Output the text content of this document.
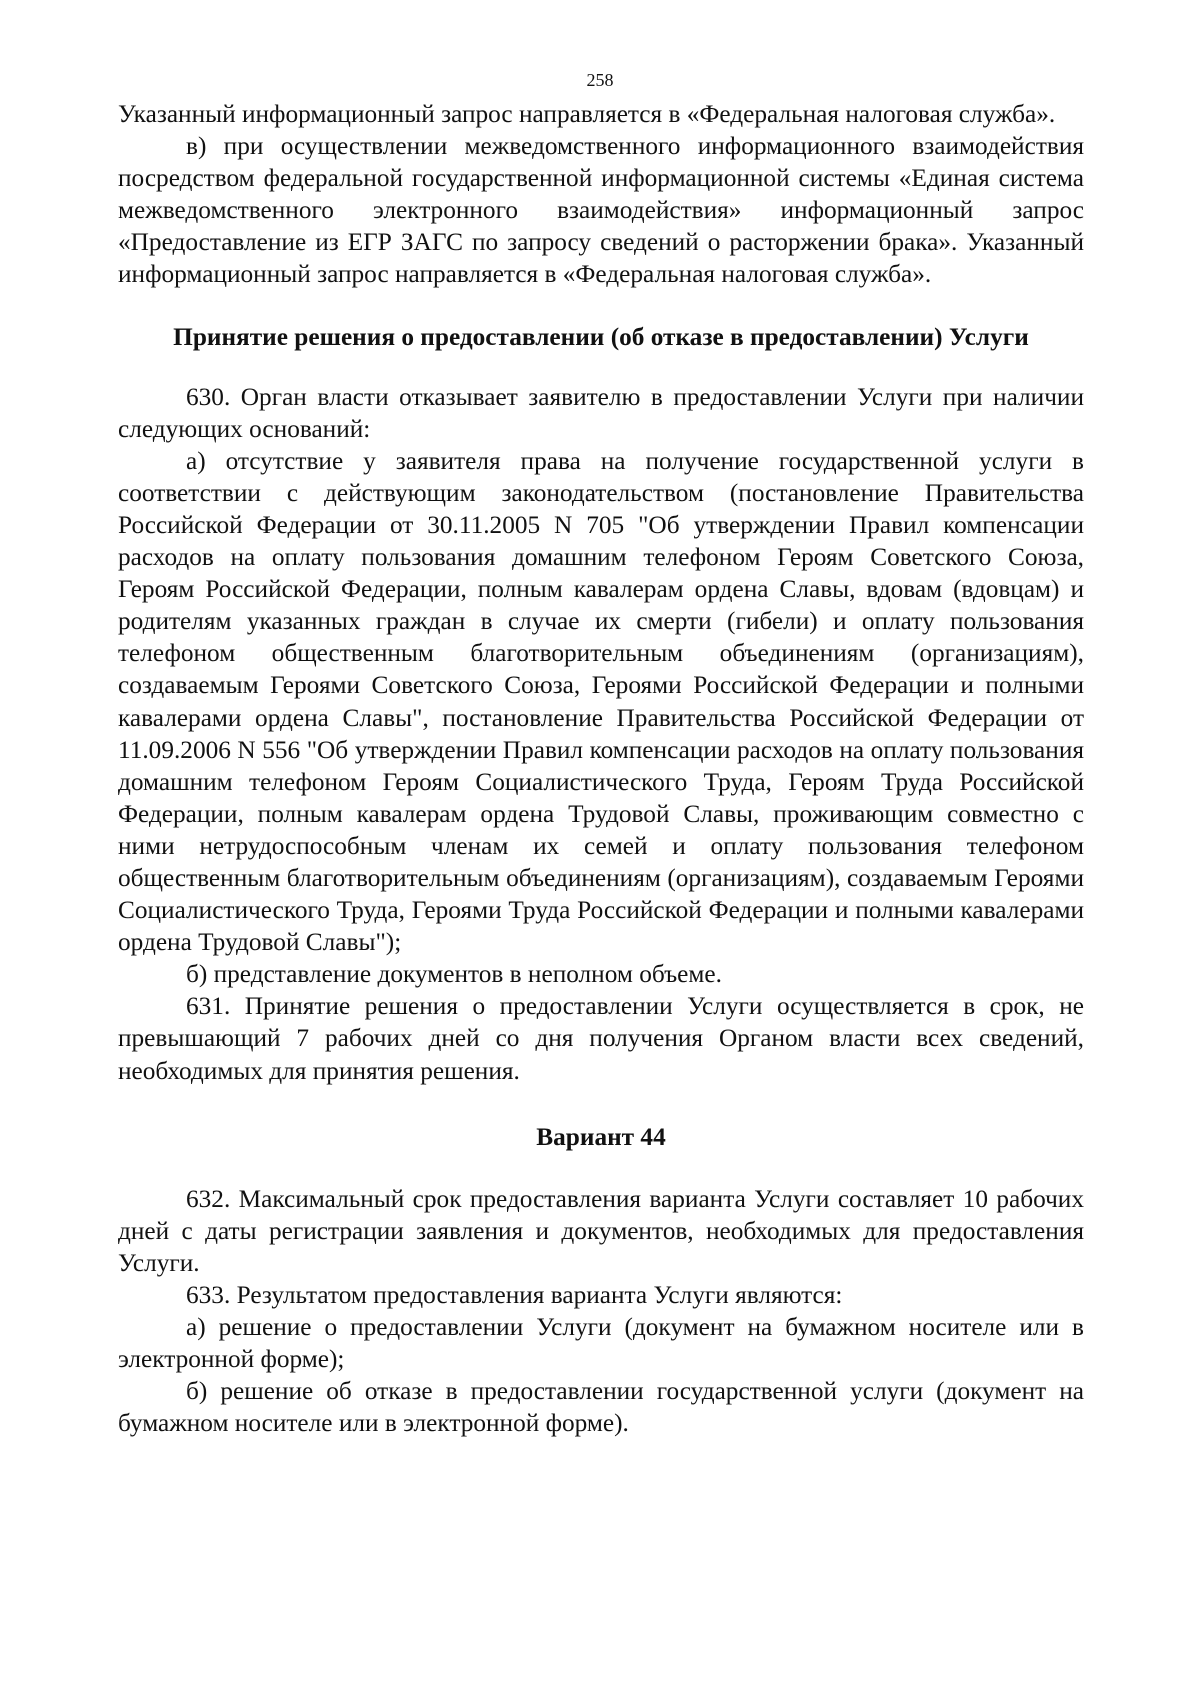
258

Указанный информационный запрос направляется в «Федеральная налоговая служба».

в) при осуществлении межведомственного информационного взаимодействия посредством федеральной государственной информационной системы «Единая система межведомственного электронного взаимодействия» информационный запрос «Предоставление из ЕГР ЗАГС по запросу сведений о расторжении брака». Указанный информационный запрос направляется в «Федеральная налоговая служба».

Принятие решения о предоставлении (об отказе в предоставлении) Услуги

630. Орган власти отказывает заявителю в предоставлении Услуги при наличии следующих оснований:

а) отсутствие у заявителя права на получение государственной услуги в соответствии с действующим законодательством (постановление Правительства Российской Федерации от 30.11.2005 N 705 "Об утверждении Правил компенсации расходов на оплату пользования домашним телефоном Героям Советского Союза, Героям Российской Федерации, полным кавалерам ордена Славы, вдовам (вдовцам) и родителям указанных граждан в случае их смерти (гибели) и оплату пользования телефоном общественным благотворительным объединениям (организациям), создаваемым Героями Советского Союза, Героями Российской Федерации и полными кавалерами ордена Славы", постановление Правительства Российской Федерации от 11.09.2006 N 556 "Об утверждении Правил компенсации расходов на оплату пользования домашним телефоном Героям Социалистического Труда, Героям Труда Российской Федерации, полным кавалерам ордена Трудовой Славы, проживающим совместно с ними нетрудоспособным членам их семей и оплату пользования телефоном общественным благотворительным объединениям (организациям), создаваемым Героями Социалистического Труда, Героями Труда Российской Федерации и полными кавалерами ордена Трудовой Славы");

б) представление документов в неполном объеме.

631. Принятие решения о предоставлении Услуги осуществляется в срок, не превышающий 7 рабочих дней со дня получения Органом власти всех сведений, необходимых для принятия решения.

Вариант 44

632. Максимальный срок предоставления варианта Услуги составляет 10 рабочих дней с даты регистрации заявления и документов, необходимых для предоставления Услуги.

633. Результатом предоставления варианта Услуги являются:

а) решение о предоставлении Услуги (документ на бумажном носителе или в электронной форме);

б) решение об отказе в предоставлении государственной услуги (документ на бумажном носителе или в электронной форме).
